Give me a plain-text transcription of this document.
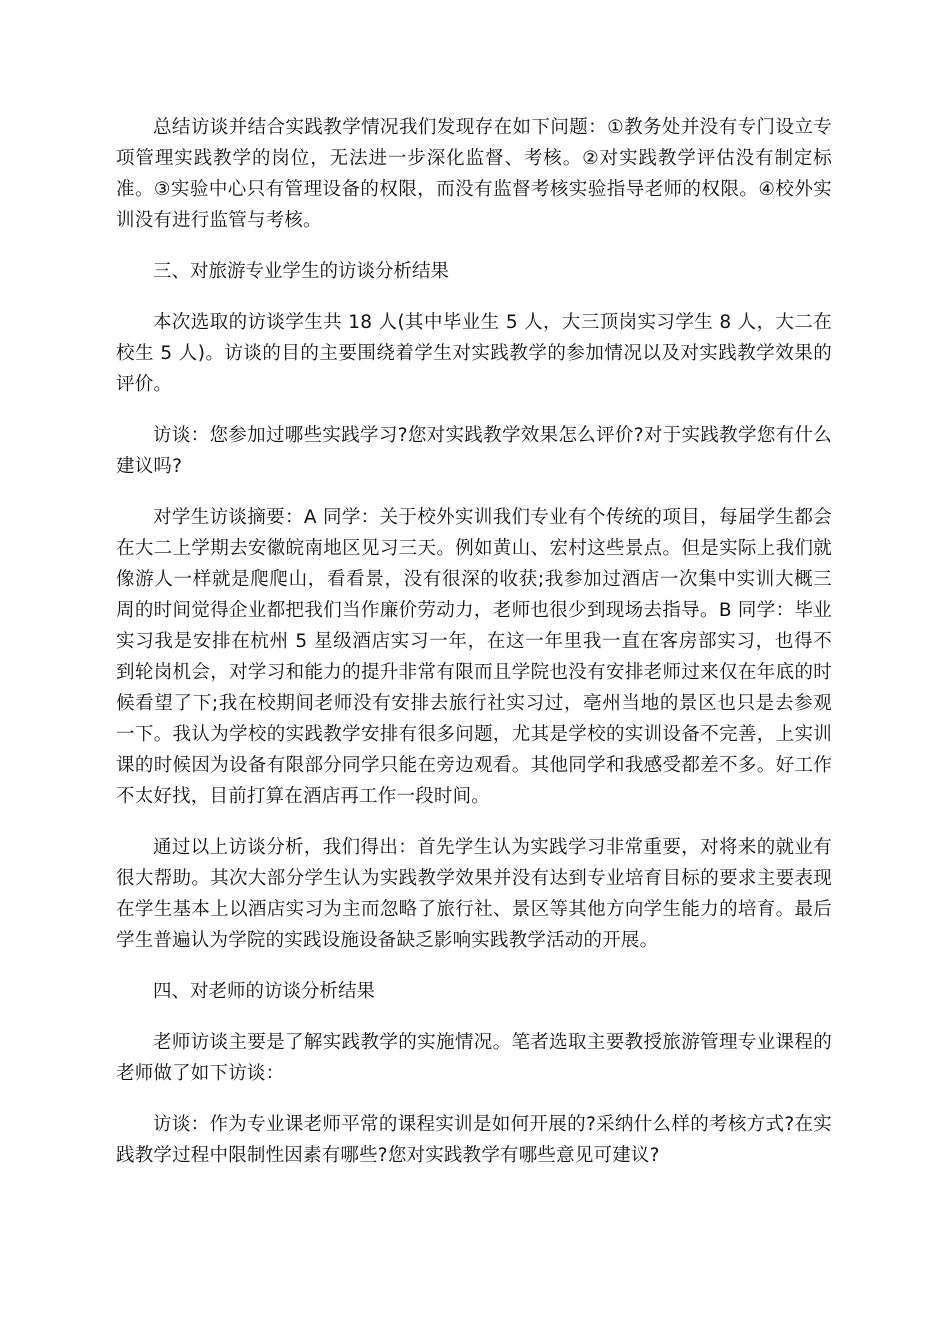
总结访谈并结合实践教学情况我们发现存在如下问题：①教务处并没有专门设立专项管理实践教学的岗位，无法进一步深化监督、考核。②对实践教学评估没有制定标准。③实验中心只有管理设备的权限，而没有监督考核实验指导老师的权限。④校外实训没有进行监管与考核。

三、对旅游专业学生的访谈分析结果

本次选取的访谈学生共 18 人(其中毕业生 5 人，大三顶岗实习学生 8 人，大二在校生 5 人)。访谈的目的主要围绕着学生对实践教学的参加情况以及对实践教学效果的评价。

访谈：您参加过哪些实践学习?您对实践教学效果怎么评价?对于实践教学您有什么建议吗?

对学生访谈摘要：A 同学：关于校外实训我们专业有个传统的项目，每届学生都会在大二上学期去安徽皖南地区见习三天。例如黄山、宏村这些景点。但是实际上我们就像游人一样就是爬爬山，看看景，没有很深的收获;我参加过酒店一次集中实训大概三周的时间觉得企业都把我们当作廉价劳动力，老师也很少到现场去指导。B 同学：毕业实习我是安排在杭州 5 星级酒店实习一年，在这一年里我一直在客房部实习，也得不到轮岗机会，对学习和能力的提升非常有限而且学院也没有安排老师过来仅在年底的时候看望了下;我在校期间老师没有安排去旅行社实习过，亳州当地的景区也只是去参观一下。我认为学校的实践教学安排有很多问题，尤其是学校的实训设备不完善，上实训课的时候因为设备有限部分同学只能在旁边观看。其他同学和我感受都差不多。好工作不太好找，目前打算在酒店再工作一段时间。

通过以上访谈分析，我们得出：首先学生认为实践学习非常重要，对将来的就业有很大帮助。其次大部分学生认为实践教学效果并没有达到专业培育目标的要求主要表现在学生基本上以酒店实习为主而忽略了旅行社、景区等其他方向学生能力的培育。最后学生普遍认为学院的实践设施设备缺乏影响实践教学活动的开展。

四、对老师的访谈分析结果

老师访谈主要是了解实践教学的实施情况。笔者选取主要教授旅游管理专业课程的老师做了如下访谈：

访谈：作为专业课老师平常的课程实训是如何开展的?采纳什么样的考核方式?在实践教学过程中限制性因素有哪些?您对实践教学有哪些意见可建议?
